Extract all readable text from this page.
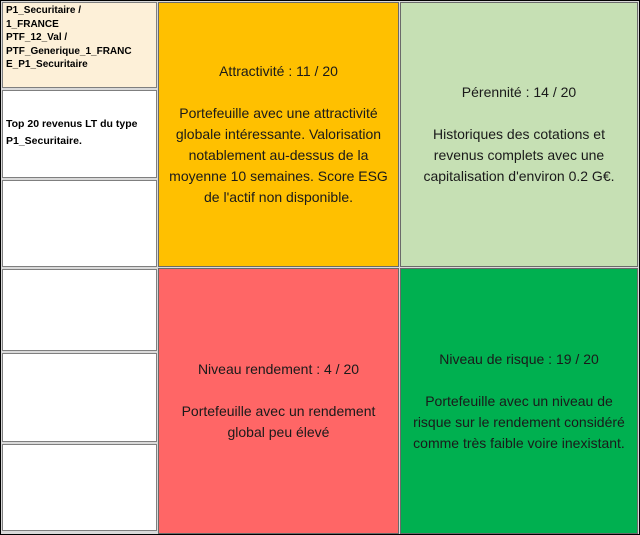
P1_Securitaire /
1_FRANCE
PTF_12_Val /
PTF_Generique_1_FRANC
E_P1_Securitaire
Top 20 revenus LT du type P1_Securitaire.
Attractivité : 11 / 20
Portefeuille avec une attractivité globale intéressante. Valorisation notablement au-dessus de la moyenne 10 semaines. Score ESG de l'actif non disponible.
Pérennité : 14 / 20
Historiques des cotations et revenus complets avec une capitalisation d'environ 0.2 G€.
Niveau rendement : 4 / 20
Portefeuille avec un rendement global peu élevé
Niveau de risque : 19 / 20
Portefeuille avec un niveau de risque sur le rendement considéré comme très faible voire inexistant.
